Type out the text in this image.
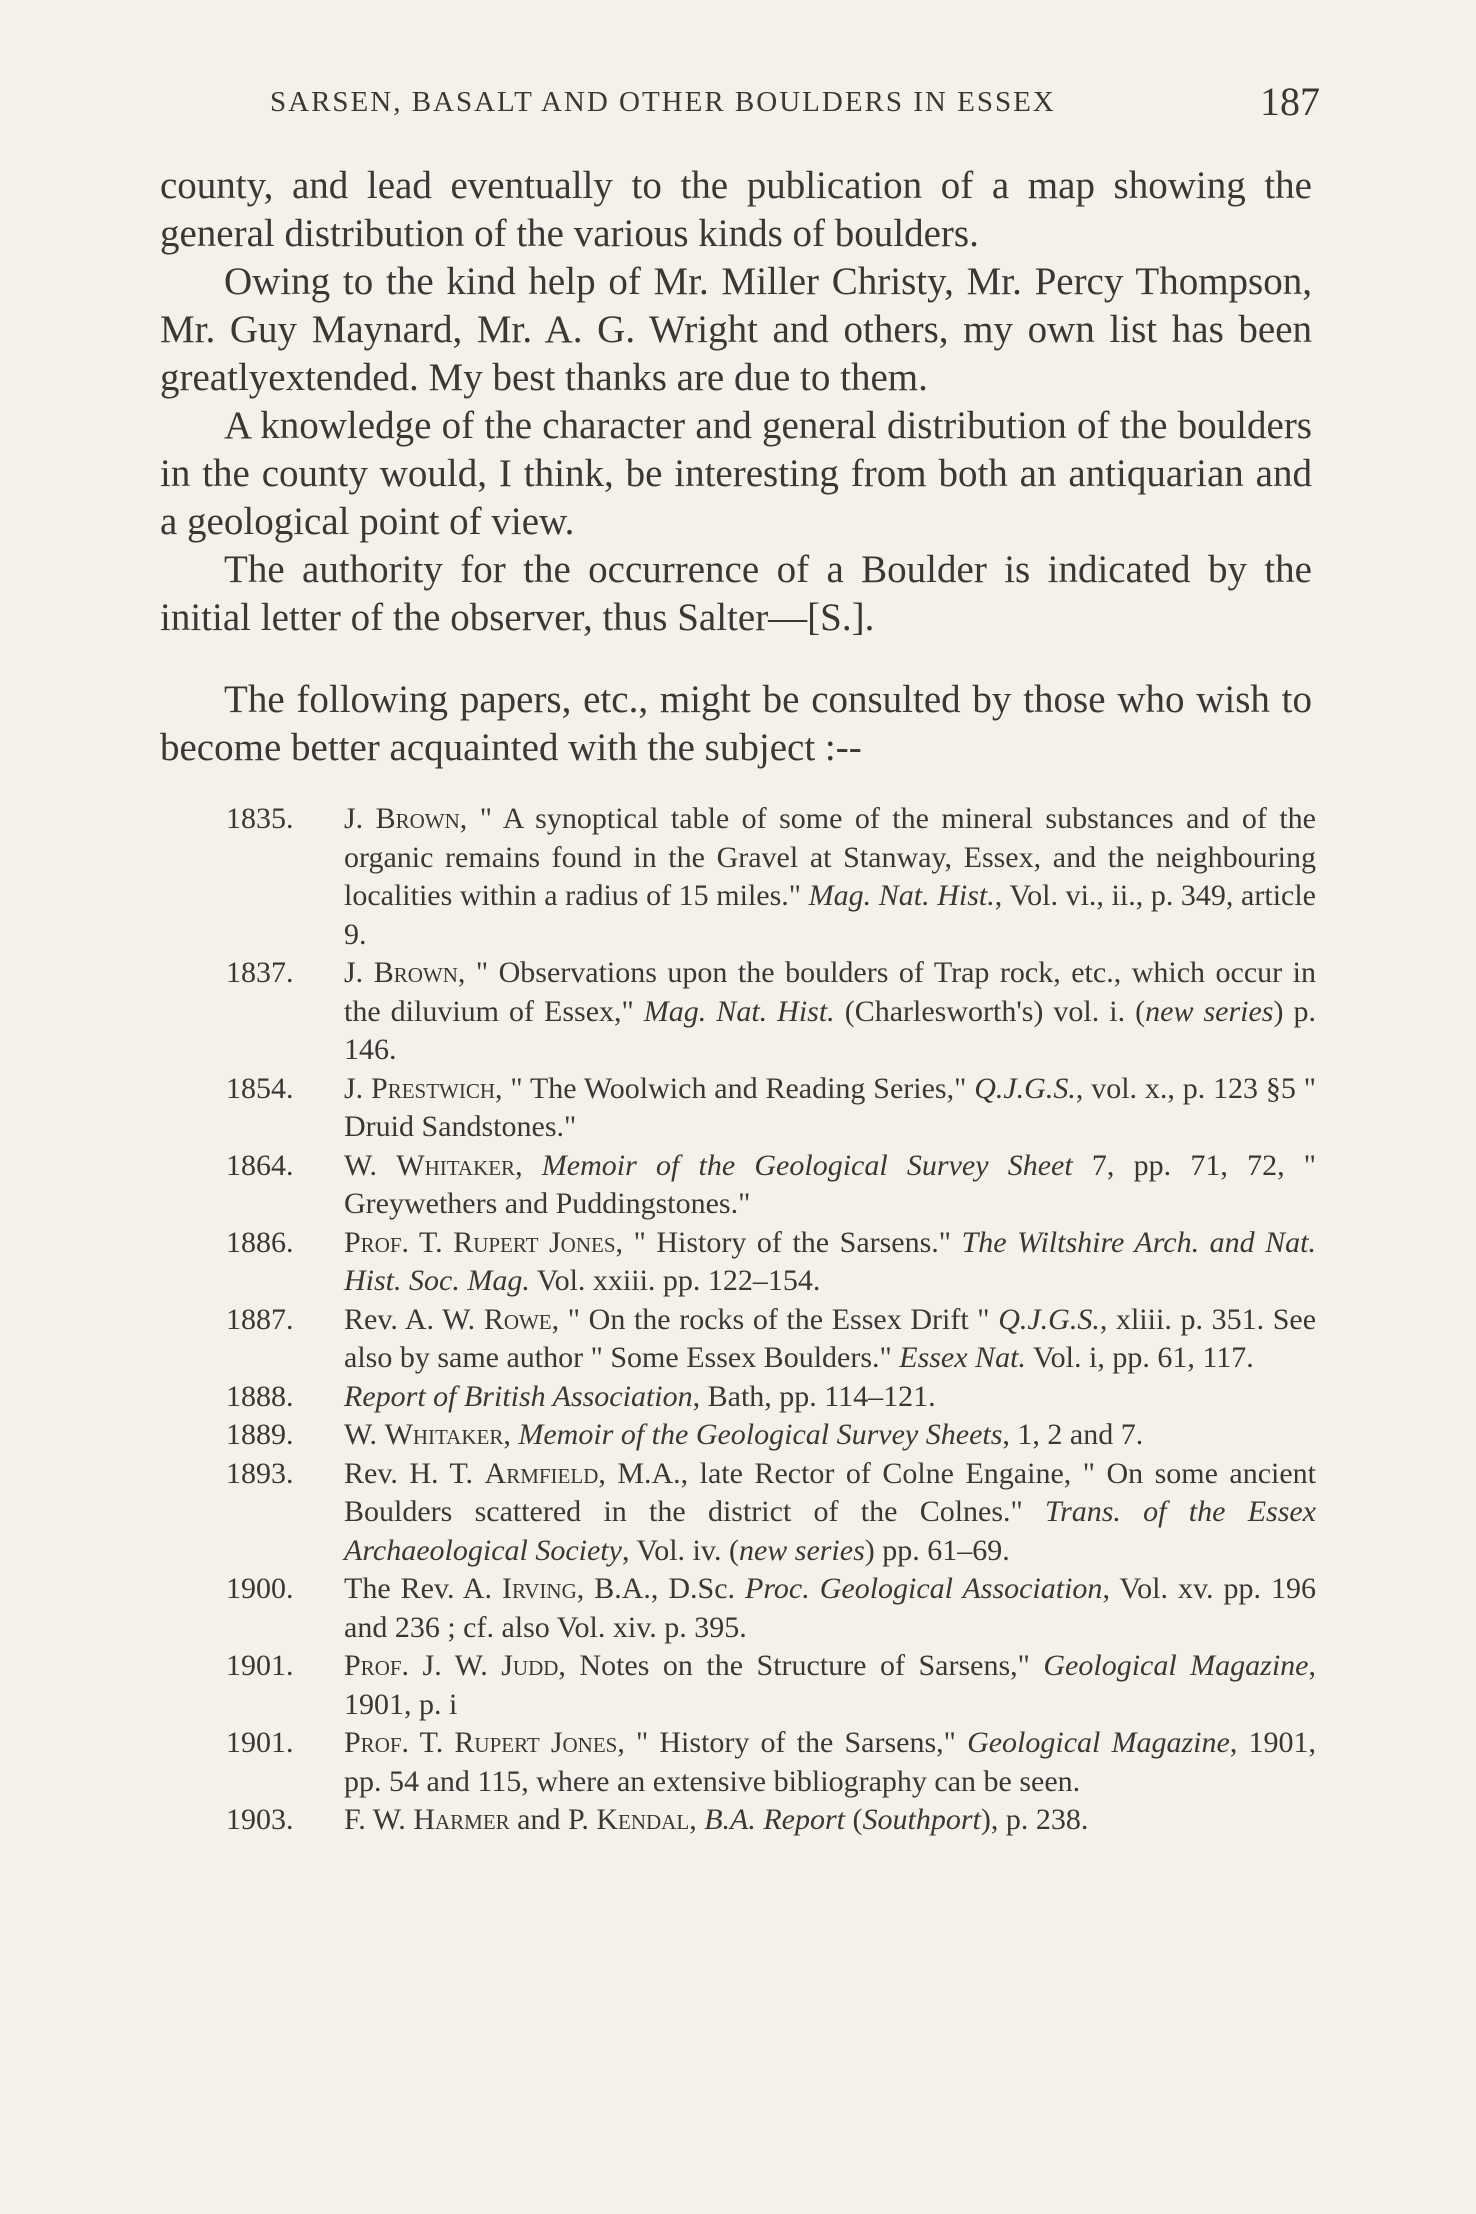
SARSEN, BASALT AND OTHER BOULDERS IN ESSEX	187

county, and lead eventually to the publication of a map showing the general distribution of the various kinds of boulders.

Owing to the kind help of Mr. Miller Christy, Mr. Percy Thompson, Mr. Guy Maynard, Mr. A. G. Wright and others, my own list has been greatlyextended. My best thanks are due to them.

A knowledge of the character and general distribution of the boulders in the county would, I think, be interesting from both an antiquarian and a geological point of view.

The authority for the occurrence of a Boulder is indicated by the initial letter of the observer, thus Salter—[S.].

The following papers, etc., might be consulted by those who wish to become better acquainted with the subject :--

1835. J. Brown, " A synoptical table of some of the mineral substances and of the organic remains found in the Gravel at Stanway, Essex, and the neighbouring localities within a radius of 15 miles." Mag. Nat. Hist., Vol. vi., ii., p. 349, article 9.

1837. J. Brown, " Observations upon the boulders of Trap rock, etc., which occur in the diluvium of Essex," Mag. Nat. Hist. (Charlesworth's) vol. i. (new series) p. 146.

1854. J. Prestwich, " The Woolwich and Reading Series," Q.J.G.S., vol. x., p. 123 §5 " Druid Sandstones."

1864. W. Whitaker, Memoir of the Geological Survey Sheet 7, pp. 71, 72, " Greywethers and Puddingstones."

1886. Prof. T. Rupert Jones, " History of the Sarsens." The Wiltshire Arch. and Nat. Hist. Soc. Mag. Vol. xxiii. pp. 122–154.

1887. Rev. A. W. Rowe, " On the rocks of the Essex Drift " Q.J.G.S., xliii. p. 351. See also by same author " Some Essex Boulders." Essex Nat. Vol. i, pp. 61, 117.

1888. Report of British Association, Bath, pp. 114–121.

1889. W. Whitaker, Memoir of the Geological Survey Sheets, 1, 2 and 7.

1893. Rev. H. T. Armfield, M.A., late Rector of Colne Engaine, " On some ancient Boulders scattered in the district of the Colnes." Trans. of the Essex Archaeological Society, Vol. iv. (new series) pp. 61–69.

1900. The Rev. A. Irving, B.A., D.Sc. Proc. Geological Association, Vol. xv. pp. 196 and 236 ; cf. also Vol. xiv. p. 395.

1901. Prof. J. W. Judd, Notes on the Structure of Sarsens," Geological Magazine, 1901, p. i

1901. Prof. T. Rupert Jones, " History of the Sarsens," Geological Magazine, 1901, pp. 54 and 115, where an extensive bibliography can be seen.

1903. F. W. Harmer and P. Kendal, B.A. Report (Southport), p. 238.
